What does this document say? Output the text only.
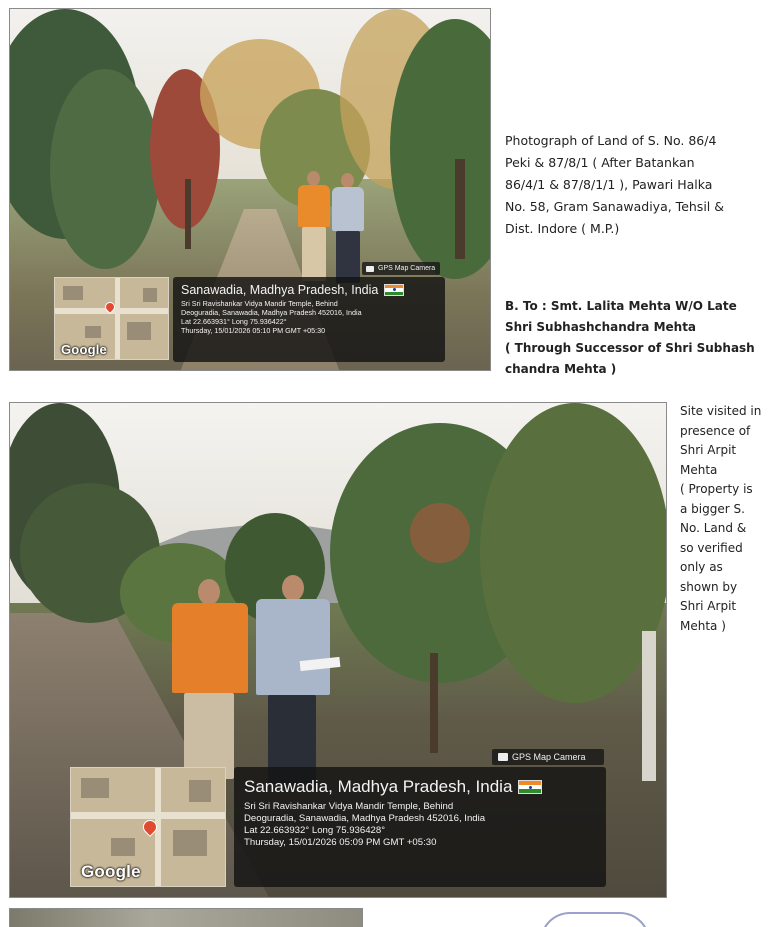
GPS Map Camera
Google
Sanawadia, Madhya Pradesh, India
Sri Sri Ravishankar Vidya Mandir Temple, Behind
Deoguradia, Sanawadia, Madhya Pradesh 452016, India
Lat 22.663931° Long 75.936422°
Thursday, 15/01/2026 05:10 PM GMT +05:30
Photograph of Land of S. No. 86/4
Peki & 87/8/1 ( After Batankan
86/4/1 & 87/8/1/1 ), Pawari Halka
No. 58, Gram Sanawadiya, Tehsil &
Dist. Indore ( M.P.)
B. To : Smt. Lalita Mehta W/O Late
Shri Subhashchandra Mehta
( Through Successor of Shri Subhash
chandra Mehta )
GPS Map Camera
Google
Sanawadia, Madhya Pradesh, India
Sri Sri Ravishankar Vidya Mandir Temple, Behind
Deoguradia, Sanawadia, Madhya Pradesh 452016, India
Lat 22.663932° Long 75.936428°
Thursday, 15/01/2026 05:09 PM GMT +05:30
Site visited in
presence of
Shri Arpit
Mehta
( Property is
a bigger S.
No. Land &
so verified
only as
shown by
Shri Arpit
Mehta )
